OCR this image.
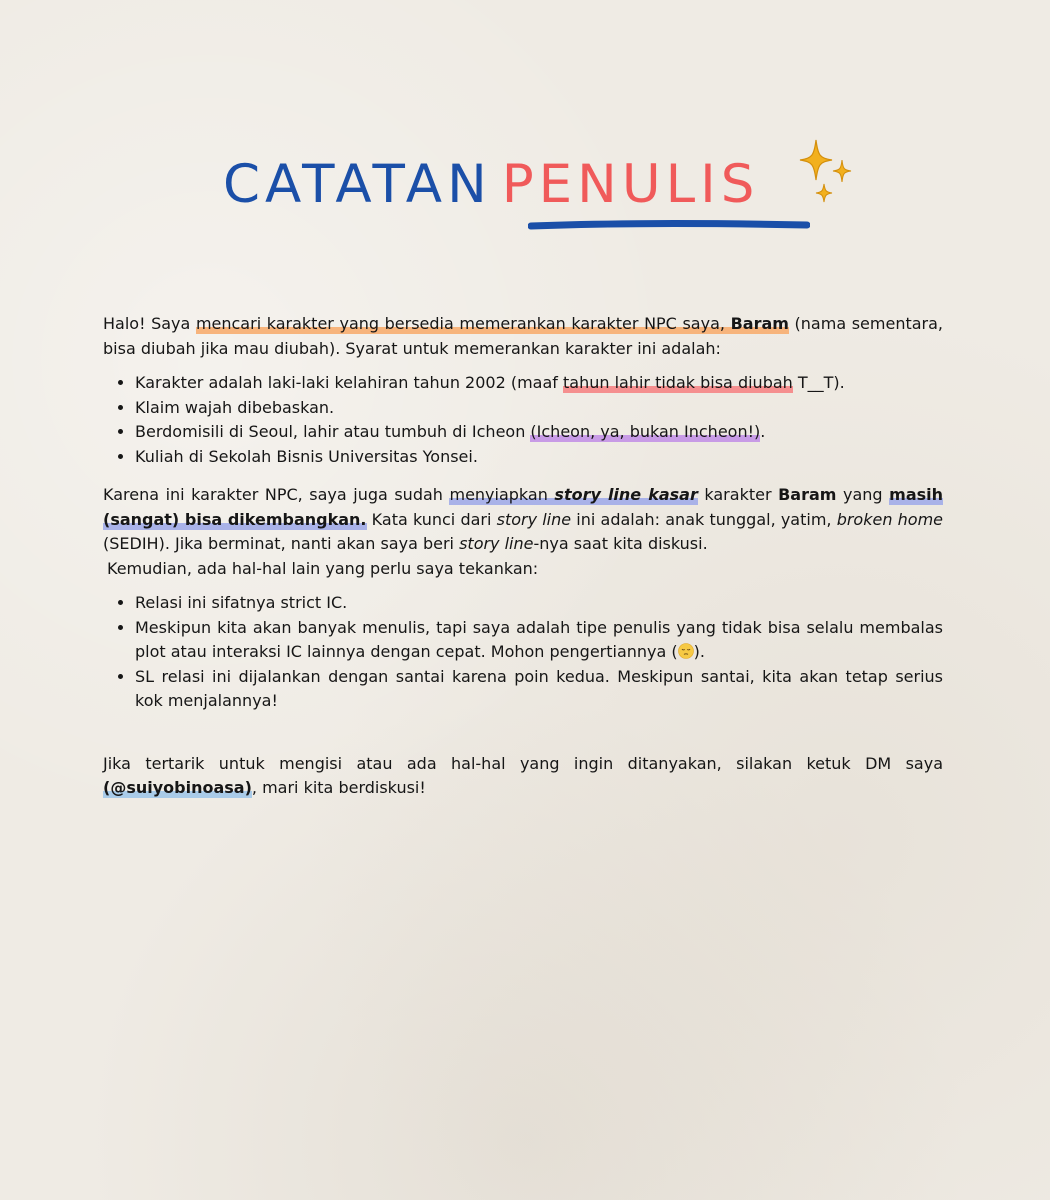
CATATAN PENULIS

Halo! Saya mencari karakter yang bersedia memerankan karakter NPC saya, Baram (nama sementara, bisa diubah jika mau diubah). Syarat untuk memerankan karakter ini adalah:

• Karakter adalah laki-laki kelahiran tahun 2002 (maaf tahun lahir tidak bisa diubah T__T).
• Klaim wajah dibebaskan.
• Berdomisili di Seoul, lahir atau tumbuh di Icheon (Icheon, ya, bukan Incheon!).
• Kuliah di Sekolah Bisnis Universitas Yonsei.

Karena ini karakter NPC, saya juga sudah menyiapkan story line kasar karakter Baram yang masih (sangat) bisa dikembangkan. Kata kunci dari story line ini adalah: anak tunggal, yatim, broken home (SEDIH). Jika berminat, nanti akan saya beri story line-nya saat kita diskusi.

Kemudian, ada hal-hal lain yang perlu saya tekankan:

• Relasi ini sifatnya strict IC.
• Meskipun kita akan banyak menulis, tapi saya adalah tipe penulis yang tidak bisa selalu membalas plot atau interaksi IC lainnya dengan cepat. Mohon pengertiannya ( ).
• SL relasi ini dijalankan dengan santai karena poin kedua. Meskipun santai, kita akan tetap serius kok menjalannya!

Jika tertarik untuk mengisi atau ada hal-hal yang ingin ditanyakan, silakan ketuk DM saya (@suiyobinoasa), mari kita berdiskusi!
